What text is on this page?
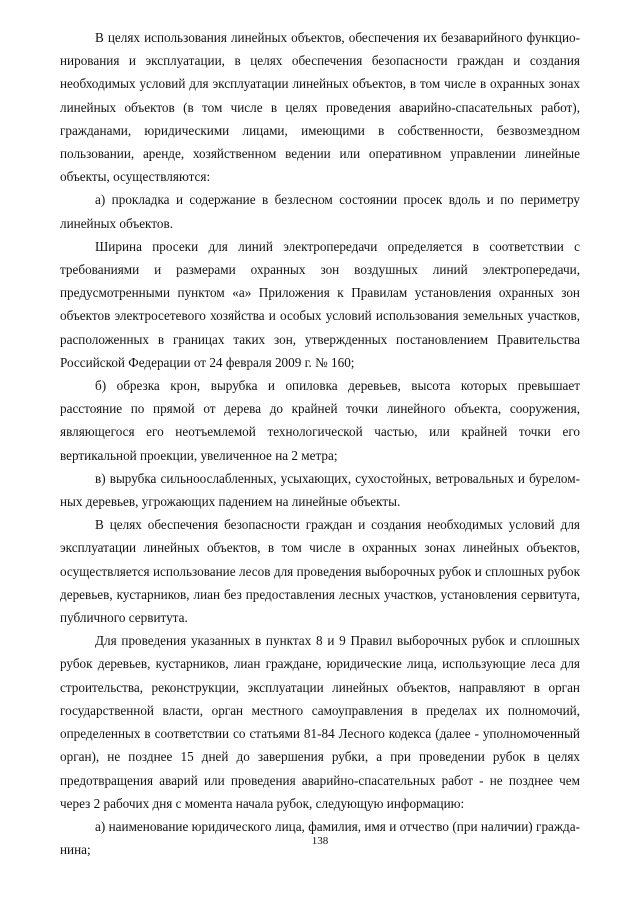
В целях использования линейных объектов, обеспечения их безаварийного функционирования и эксплуатации, в целях обеспечения безопасности граждан и создания необходимых условий для эксплуатации линейных объектов, в том числе в охранных зонах линейных объектов (в том числе в целях проведения аварийно-спасательных работ), гражданами, юридическими лицами, имеющими в собственности, безвозмездном пользовании, аренде, хозяйственном ведении или оперативном управлении линейные объекты, осуществляются:

а) прокладка и содержание в безлесном состоянии просек вдоль и по периметру линейных объектов.

Ширина просеки для линий электропередачи определяется в соответствии с требованиями и размерами охранных зон воздушных линий электропередачи, предусмотренными пунктом «а» Приложения к Правилам установления охранных зон объектов электросетевого хозяйства и особых условий использования земельных участков, расположенных в границах таких зон, утвержденных постановлением Правительства Российской Федерации от 24 февраля 2009 г. № 160;

б) обрезка крон, вырубка и опиловка деревьев, высота которых превышает расстояние по прямой от дерева до крайней точки линейного объекта, сооружения, являющегося его неотъемлемой технологической частью, или крайней точки его вертикальной проекции, увеличенное на 2 метра;

в) вырубка сильноослабленных, усыхающих, сухостойных, ветровальных и буреломных деревьев, угрожающих падением на линейные объекты.

В целях обеспечения безопасности граждан и создания необходимых условий для эксплуатации линейных объектов, в том числе в охранных зонах линейных объектов, осуществляется использование лесов для проведения выборочных рубок и сплошных рубок деревьев, кустарников, лиан без предоставления лесных участков, установления сервитута, публичного сервитута.

Для проведения указанных в пунктах 8 и 9 Правил выборочных рубок и сплошных рубок деревьев, кустарников, лиан граждане, юридические лица, использующие леса для строительства, реконструкции, эксплуатации линейных объектов, направляют в орган государственной власти, орган местного самоуправления в пределах их полномочий, определенных в соответствии со статьями 81-84 Лесного кодекса (далее - уполномоченный орган), не позднее 15 дней до завершения рубки, а при проведении рубок в целях предотвращения аварий или проведения аварийно-спасательных работ - не позднее чем через 2 рабочих дня с момента начала рубок, следующую информацию:

а) наименование юридического лица, фамилия, имя и отчество (при наличии) гражданина;

138
